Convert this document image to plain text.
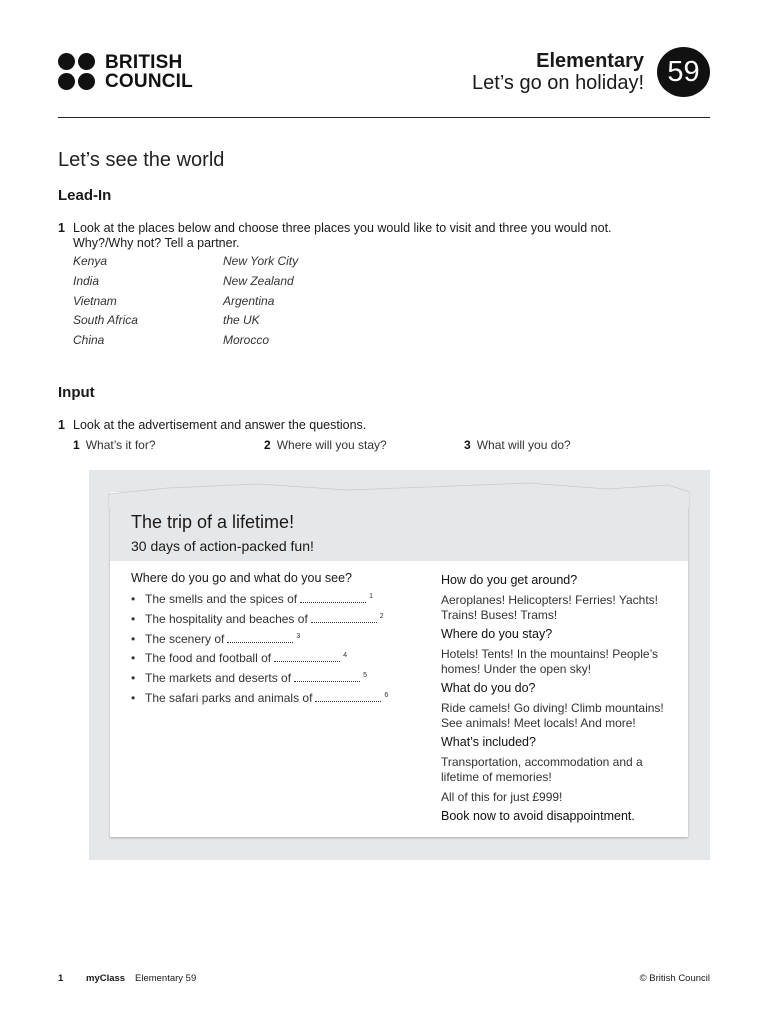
BRITISH
COUNCIL
Elementary
Let’s go on holiday! 59
Let’s see the world
Lead-In
1 Look at the places below and choose three places you would like to visit and three you would not. Why?/Why not? Tell a partner.
Kenya
India
Vietnam
South Africa
China
New York City
New Zealand
Argentina
the UK
Morocco
Input
1 Look at the advertisement and answer the questions.
1 What’s it for?	2 Where will you stay?	3 What will you do?
The trip of a lifetime!
30 days of action-packed fun!
Where do you go and what do you see?
• The smells and the spices of	$^1$
• The hospitality and beaches of	$^2$
• The scenery of	$^3$
• The food and football of	$^4$
• The markets and deserts of	$^5$
• The safari parks and animals of	$^6$
How do you get around?
Aeroplanes! Helicopters! Ferries! Yachts! Trains! Buses! Trams!
Where do you stay?
Hotels! Tents! In the mountains! People’s homes! Under the open sky!
What do you do?
Ride camels! Go diving! Climb mountains! See animals! Meet locals! And more!
What’s included?
Transportation, accommodation and a lifetime of memories!
All of this for just £999!
Book now to avoid disappointment.
1 myClass Elementary 59	© British Council
